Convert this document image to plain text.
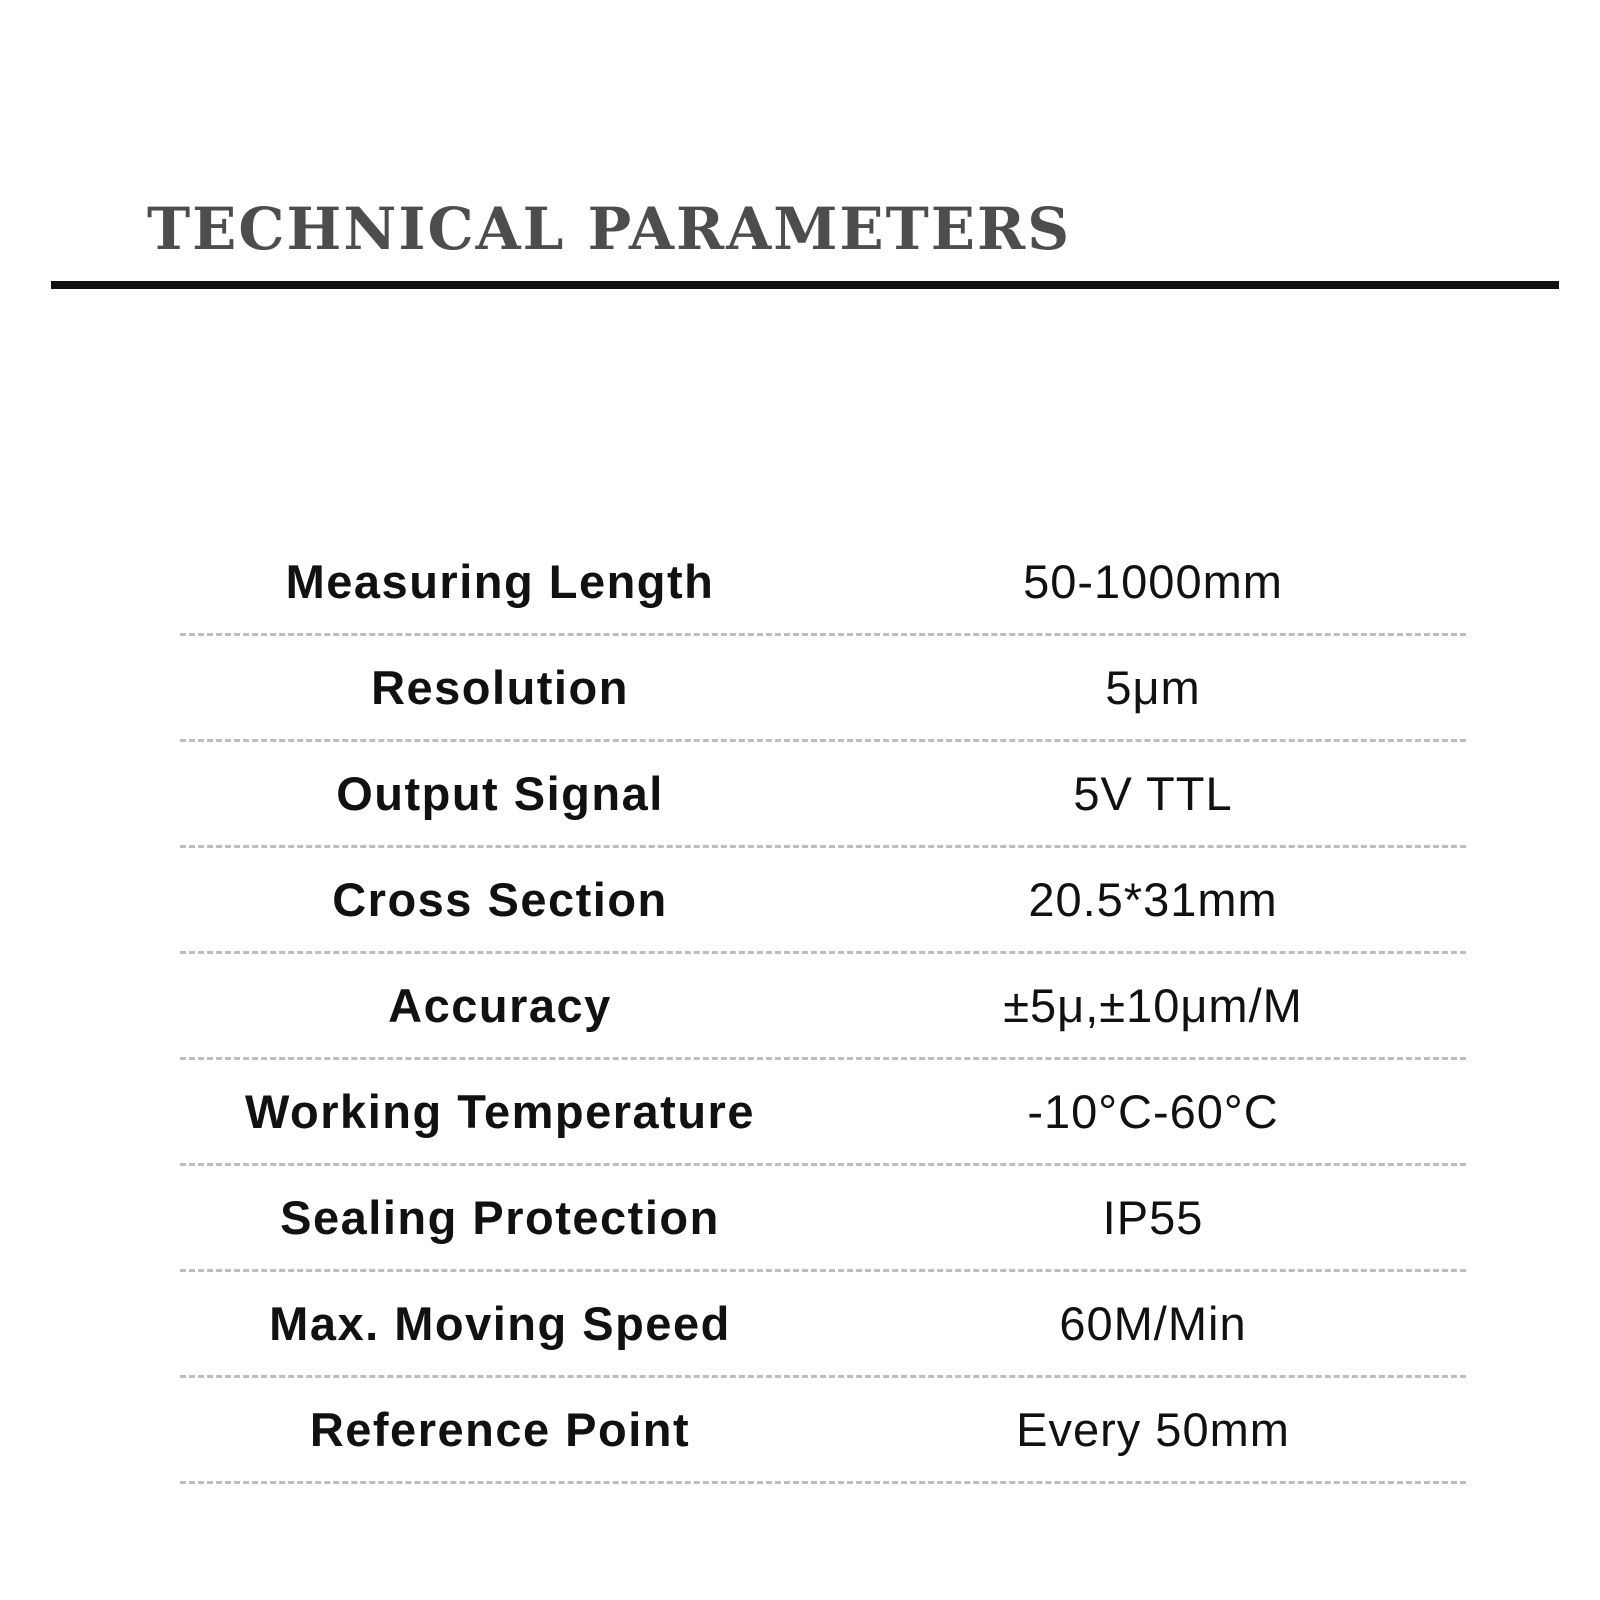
TECHNICAL PARAMETERS
Measuring Length	50-1000mm
Resolution	5μm
Output Signal	5V TTL
Cross Section	20.5*31mm
Accuracy	±5μ,±10μm/M
Working Temperature	-10°C-60°C
Sealing Protection	IP55
Max. Moving Speed	60M/Min
Reference Point	Every 50mm
